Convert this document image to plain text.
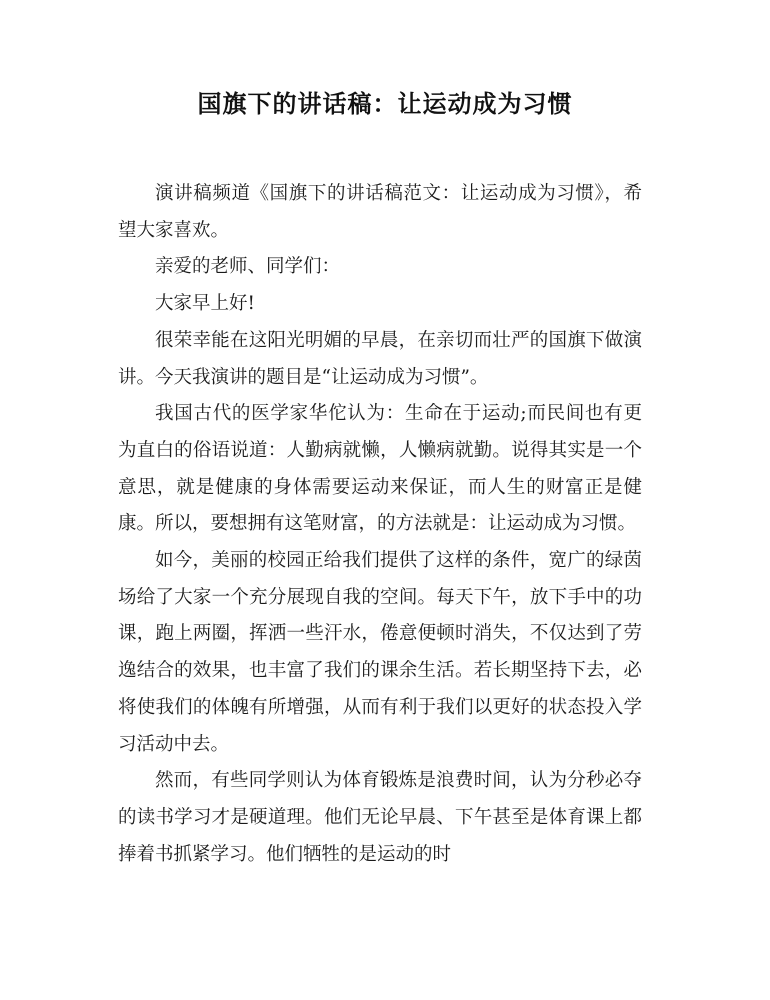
国旗下的讲话稿：让运动成为习惯

演讲稿频道《国旗下的讲话稿范文：让运动成为习惯》，希望大家喜欢。

亲爱的老师、同学们：

大家早上好!

很荣幸能在这阳光明媚的早晨，在亲切而壮严的国旗下做演讲。今天我演讲的题目是“让运动成为习惯”。

我国古代的医学家华佗认为：生命在于运动;而民间也有更为直白的俗语说道：人勤病就懒，人懒病就勤。说得其实是一个意思，就是健康的身体需要运动来保证，而人生的财富正是健康。所以，要想拥有这笔财富，的方法就是：让运动成为习惯。

如今，美丽的校园正给我们提供了这样的条件，宽广的绿茵场给了大家一个充分展现自我的空间。每天下午，放下手中的功课，跑上两圈，挥洒一些汗水，倦意便顿时消失，不仅达到了劳逸结合的效果，也丰富了我们的课余生活。若长期坚持下去，必将使我们的体魄有所增强，从而有利于我们以更好的状态投入学习活动中去。

然而，有些同学则认为体育锻炼是浪费时间，认为分秒必夺的读书学习才是硬道理。他们无论早晨、下午甚至是体育课上都捧着书抓紧学习。他们牺牲的是运动的时
